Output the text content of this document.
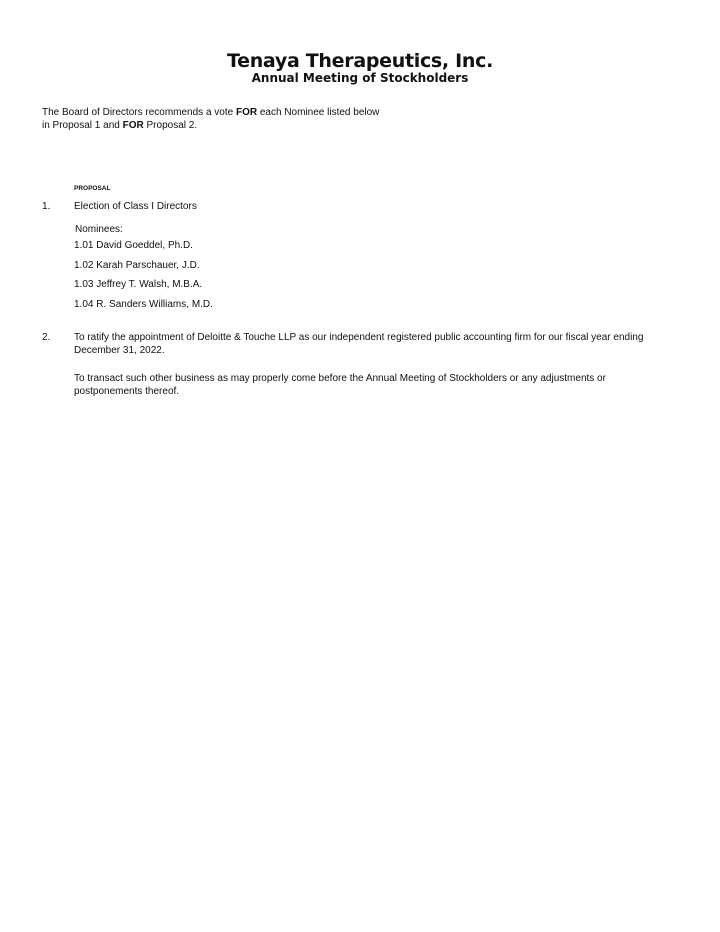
Tenaya Therapeutics, Inc.
Annual Meeting of Stockholders
The Board of Directors recommends a vote FOR each Nominee listed below in Proposal 1 and FOR Proposal 2.
PROPOSAL
1. Election of Class I Directors
Nominees:
1.01 David Goeddel, Ph.D.
1.02 Karah Parschauer, J.D.
1.03 Jeffrey T. Walsh, M.B.A.
1.04 R. Sanders Williams, M.D.
2. To ratify the appointment of Deloitte & Touche LLP as our independent registered public accounting firm for our fiscal year ending December 31, 2022.
To transact such other business as may properly come before the Annual Meeting of Stockholders or any adjustments or postponements thereof.
